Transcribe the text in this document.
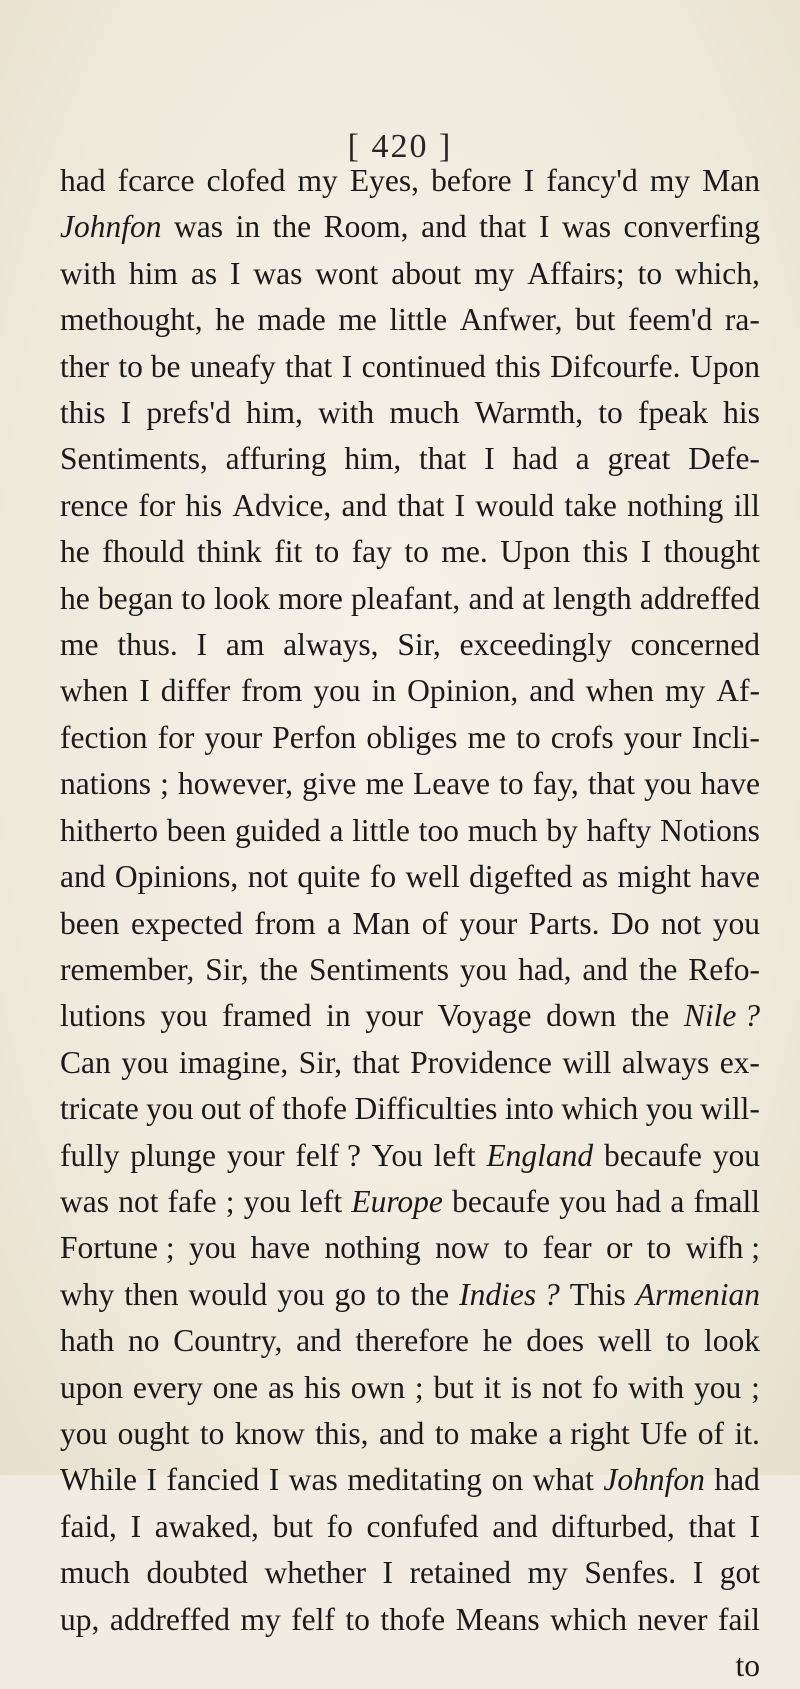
[ 420 ]
had fcarce clofed my Eyes, before I fancy'd my Man
Johnfon was in the Room, and that I was converfing
with him as I was wont about my Affairs; to which,
methought, he made me little Anfwer, but feem'd ra-
ther to be uneafy that I continued this Difcourfe. Upon
this I prefs'd him, with much Warmth, to fpeak his
Sentiments, affuring him, that I had a great Defe-
rence for his Advice, and that I would take nothing ill
he fhould think fit to fay to me. Upon this I thought
he began to look more pleafant, and at length addreffed
me thus. I am always, Sir, exceedingly concerned
when I differ from you in Opinion, and when my Af-
fection for your Perfon obliges me to crofs your Incli-
nations ; however, give me Leave to fay, that you have
hitherto been guided a little too much by hafty Notions
and Opinions, not quite fo well digefted as might have
been expected from a Man of your Parts. Do not you
remember, Sir, the Sentiments you had, and the Refo-
lutions you framed in your Voyage down the Nile ?
Can you imagine, Sir, that Providence will always ex-
tricate you out of thofe Difficulties into which you will-
fully plunge your felf ? You left England becaufe you
was not fafe ; you left Europe becaufe you had a fmall
Fortune ; you have nothing now to fear or to wifh ;
why then would you go to the Indies ? This Armenian
hath no Country, and therefore he does well to look
upon every one as his own ; but it is not fo with you ;
you ought to know this, and to make a right Ufe of it.
While I fancied I was meditating on what Johnfon had
faid, I awaked, but fo confufed and difturbed, that I
much doubted whether I retained my Senfes. I got
up, addreffed my felf to thofe Means which never fail
to
